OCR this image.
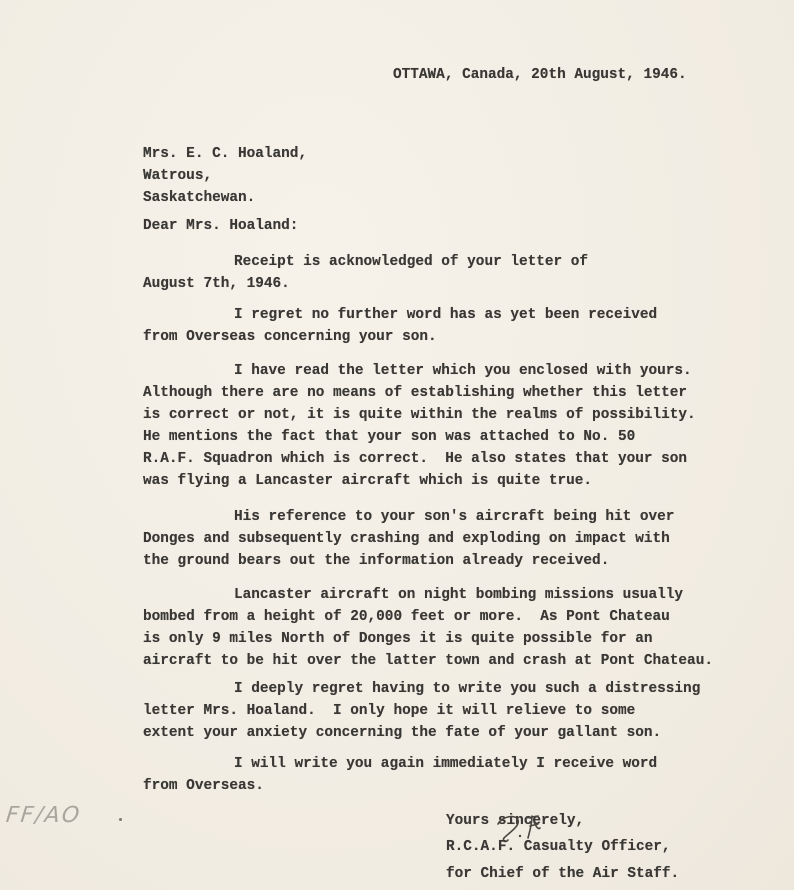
OTTAWA, Canada, 20th August, 1946.
Mrs. E. C. Hoaland,
Watrous,
Saskatchewan.
Dear Mrs. Hoaland:
Receipt is acknowledged of your letter of
August 7th, 1946.
I regret no further word has as yet been received
from Overseas concerning your son.
I have read the letter which you enclosed with yours.
Although there are no means of establishing whether this letter
is correct or not, it is quite within the realms of possibility.
He mentions the fact that your son was attached to No. 50
R.A.F. Squadron which is correct.  He also states that your son
was flying a Lancaster aircraft which is quite true.
His reference to your son's aircraft being hit over
Donges and subsequently crashing and exploding on impact with
the ground bears out the information already received.
Lancaster aircraft on night bombing missions usually
bombed from a height of 20,000 feet or more.  As Pont Chateau
is only 9 miles North of Donges it is quite possible for an
aircraft to be hit over the latter town and crash at Pont Chateau.
I deeply regret having to write you such a distressing
letter Mrs. Hoaland.  I only hope it will relieve to some
extent your anxiety concerning the fate of your gallant son.
I will write you again immediately I receive word
from Overseas.
Yours sincerely,
R.C.A.F. Casualty Officer,
for Chief of the Air Staff.
FF/AO
